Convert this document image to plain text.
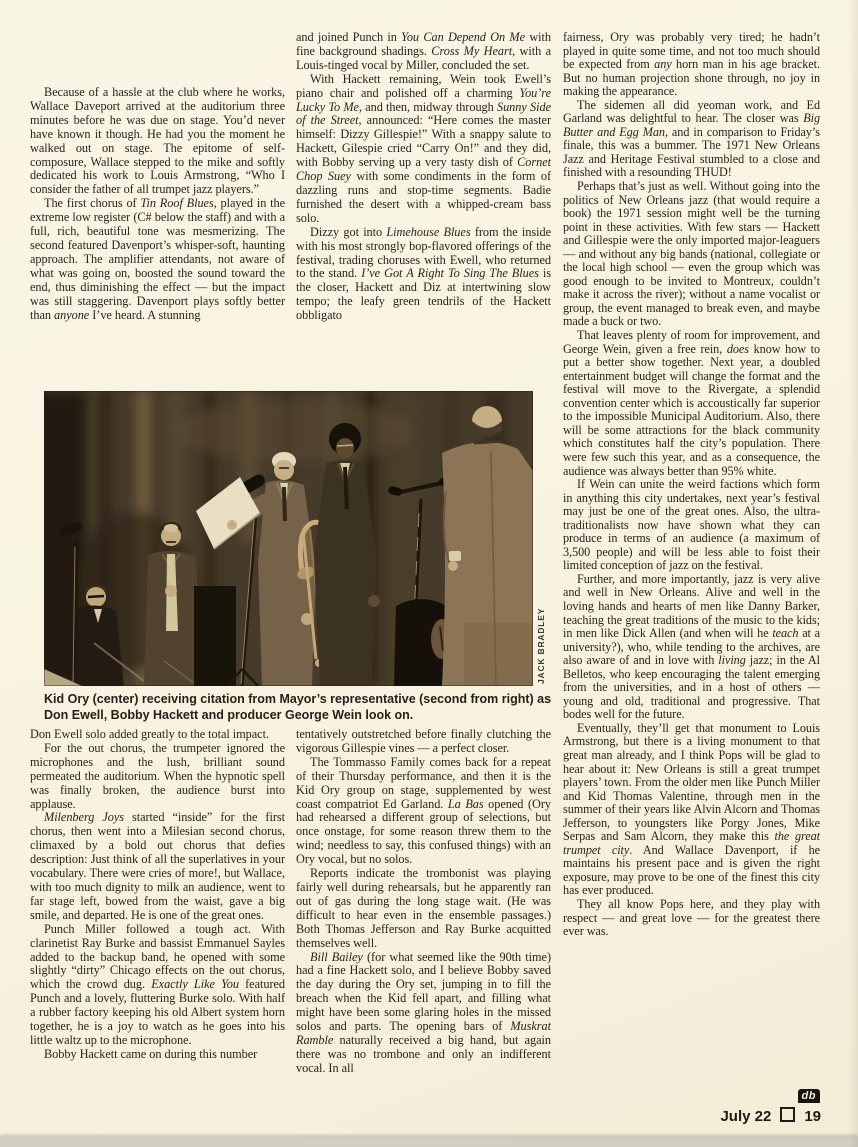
Because of a hassle at the club where he works, Wallace Daveport arrived at the auditorium three minutes before he was due on stage. You’d never have known it though. He had you the moment he walked out on stage. The epitome of self-composure, Wallace stepped to the mike and softly dedicated his work to Louis Armstrong, “Who I consider the father of all trumpet jazz players.”

The first chorus of Tin Roof Blues, played in the extreme low register (C# below the staff) and with a full, rich, beautiful tone was mesmerizing. The second featured Davenport’s whisper-soft, haunting approach. The amplifier attendants, not aware of what was going on, boosted the sound toward the end, thus diminishing the effect — but the impact was still staggering. Davenport plays softly better than anyone I’ve heard. A stunning

and joined Punch in You Can Depend On Me with fine background shadings. Cross My Heart, with a Louis-tinged vocal by Miller, concluded the set.

With Hackett remaining, Wein took Ewell’s piano chair and polished off a charming You’re Lucky To Me, and then, midway through Sunny Side of the Street, announced: “Here comes the master himself: Dizzy Gillespie!” With a snappy salute to Hackett, Gilespie cried “Carry On!” and they did, with Bobby serving up a very tasty dish of Cornet Chop Suey with some condiments in the form of dazzling runs and stop-time segments. Badie furnished the desert with a whipped-cream bass solo.

Dizzy got into Limehouse Blues from the inside with his most strongly bop-flavored offerings of the festival, trading choruses with Ewell, who returned to the stand. I’ve Got A Right To Sing The Blues is the closer, Hackett and Diz at intertwining slow tempo; the leafy green tendrils of the Hackett obbligato

db

fairness, Ory was probably very tired; he hadn’t played in quite some time, and not too much should be expected from any horn man in his age bracket. But no human projection shone through, no joy in making the appearance.

The sidemen all did yeoman work, and Ed Garland was delightful to hear. The closer was Big Butter and Egg Man, and in comparison to Friday’s finale, this was a bummer. The 1971 New Orleans Jazz and Heritage Festival stumbled to a close and finished with a resounding THUD!

Perhaps that’s just as well. Without going into the politics of New Orleans jazz (that would require a book) the 1971 session might well be the turning point in these activities. With few stars — Hackett and Gillespie were the only imported major-leaguers — and without any big bands (national, collegiate or the local high school — even the group which was good enough to be invited to Montreux, couldn’t make it across the river); without a name vocalist or group, the event managed to break even, and maybe made a buck or two.

That leaves plenty of room for improvement, and George Wein, given a free rein, does know how to put a better show together. Next year, a doubled entertainment budget will change the format and the festival will move to the Rivergate, a splendid convention center which is accoustically far superior to the impossible Municipal Auditorium. Also, there will be some attractions for the black community which constitutes half the city’s population. There were few such this year, and as a consequence, the audience was always better than 95% white.

If Wein can unite the weird factions which form in anything this city undertakes, next year’s festival may just be one of the great ones. Also, the ultra-traditionalists now have shown what they can produce in terms of an audience (a maximum of 3,500 people) and will be less able to foist their limited conception of jazz on the festival.

Further, and more importantly, jazz is very alive and well in New Orleans. Alive and well in the loving hands and hearts of men like Danny Barker, teaching the great traditions of the music to the kids; in men like Dick Allen (and when will he teach at a university?), who, while tending to the archives, are also aware of and in love with living jazz; in the Al Belletos, who keep encouraging the talent emerging from the universities, and in a host of others — young and old, traditional and progressive. That bodes well for the future.

Eventually, they’ll get that monument to Louis Armstrong, but there is a living monument to that great man already, and I think Pops will be glad to hear about it: New Orleans is still a great trumpet players’ town. From the older men like Punch Miller and Kid Thomas Valentine, through men in the summer of their years like Alvin Alcorn and Thomas Jefferson, to youngsters like Porgy Jones, Mike Serpas and Sam Alcorn, they make this the great trumpet city. And Wallace Davenport, if he maintains his present pace and is given the right exposure, may prove to be one of the finest this city has ever produced.

They all know Pops here, and they play with respect — and great love — for the greatest there ever was.

JACK BRADLEY
Kid Ory (center) receiving citation from Mayor’s representative (second from right) as Don Ewell, Bobby Hackett and producer George Wein look on.

Don Ewell solo added greatly to the total impact.

For the out chorus, the trumpeter ignored the microphones and the lush, brilliant sound permeated the auditorium. When the hypnotic spell was finally broken, the audience burst into applause.

Milenberg Joys started “inside” for the first chorus, then went into a Milesian second chorus, climaxed by a bold out chorus that defies description: Just think of all the superlatives in your vocabulary. There were cries of more!, but Wallace, with too much dignity to milk an audience, went to far stage left, bowed from the waist, gave a big smile, and departed. He is one of the great ones.

Punch Miller followed a tough act. With clarinetist Ray Burke and bassist Emmanuel Sayles added to the backup band, he opened with some slightly “dirty” Chicago effects on the out chorus, which the crowd dug. Exactly Like You featured Punch and a lovely, fluttering Burke solo. With half a rubber factory keeping his old Albert system horn together, he is a joy to watch as he goes into his little waltz up to the microphone.

Bobby Hackett came on during this number

tentatively outstretched before finally clutching the vigorous Gillespie vines — a perfect closer.

The Tommasso Family comes back for a repeat of their Thursday performance, and then it is the Kid Ory group on stage, supplemented by west coast compatriot Ed Garland. La Bas opened (Ory had rehearsed a different group of selections, but once onstage, for some reason threw them to the wind; needless to say, this confused things) with an Ory vocal, but no solos.

Reports indicate the trombonist was playing fairly well during rehearsals, but he apparently ran out of gas during the long stage wait. (He was difficult to hear even in the ensemble passages.) Both Thomas Jefferson and Ray Burke acquitted themselves well.

Bill Bailey (for what seemed like the 90th time) had a fine Hackett solo, and I believe Bobby saved the day during the Ory set, jumping in to fill the breach when the Kid fell apart, and filling what might have been some glaring holes in the missed solos and parts. The opening bars of Muskrat Ramble naturally received a big hand, but again there was no trombone and only an indifferent vocal. In all

July 22 19
